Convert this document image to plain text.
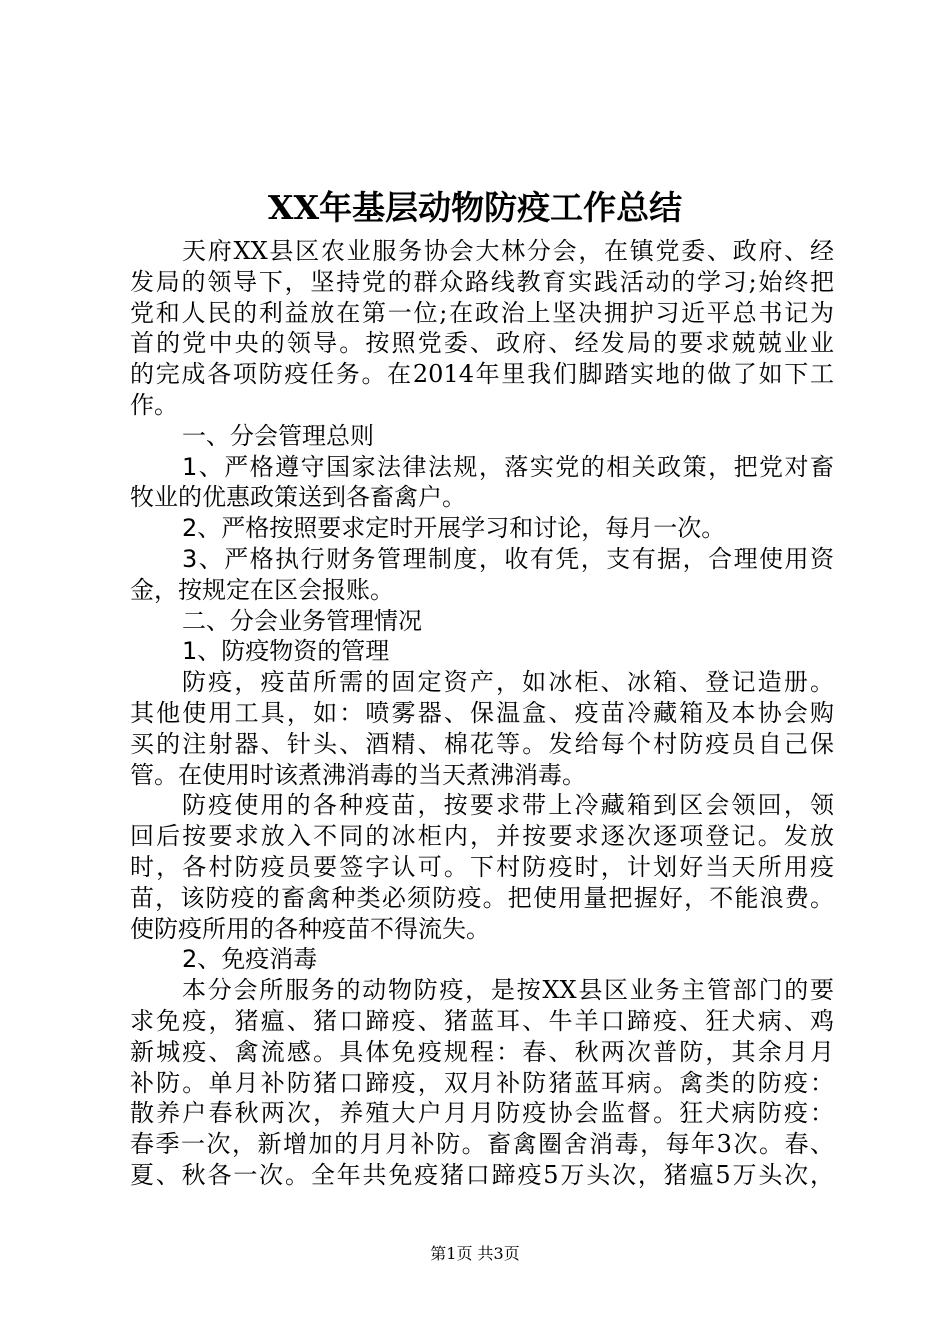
XX年基层动物防疫工作总结
天府XX县区农业服务协会大林分会，在镇党委、政府、经
发局的领导下，坚持党的群众路线教育实践活动的学习;始终把
党和人民的利益放在第一位;在政治上坚决拥护习近平总书记为
首的党中央的领导。按照党委、政府、经发局的要求兢兢业业
的完成各项防疫任务。在2014年里我们脚踏实地的做了如下工
作。
一、分会管理总则
1、严格遵守国家法律法规，落实党的相关政策，把党对畜
牧业的优惠政策送到各畜禽户。
2、严格按照要求定时开展学习和讨论，每月一次。
3、严格执行财务管理制度，收有凭，支有据，合理使用资
金，按规定在区会报账。
二、分会业务管理情况
1、防疫物资的管理
防疫，疫苗所需的固定资产，如冰柜、冰箱、登记造册。
其他使用工具，如：喷雾器、保温盒、疫苗冷藏箱及本协会购
买的注射器、针头、酒精、棉花等。发给每个村防疫员自己保
管。在使用时该煮沸消毒的当天煮沸消毒。
防疫使用的各种疫苗，按要求带上冷藏箱到区会领回，领
回后按要求放入不同的冰柜内，并按要求逐次逐项登记。发放
时，各村防疫员要签字认可。下村防疫时，计划好当天所用疫
苗，该防疫的畜禽种类必须防疫。把使用量把握好，不能浪费。
使防疫所用的各种疫苗不得流失。
2、免疫消毒
本分会所服务的动物防疫，是按XX县区业务主管部门的要
求免疫，猪瘟、猪口蹄疫、猪蓝耳、牛羊口蹄疫、狂犬病、鸡
新城疫、禽流感。具体免疫规程：春、秋两次普防，其余月月
补防。单月补防猪口蹄疫，双月补防猪蓝耳病。禽类的防疫：
散养户春秋两次，养殖大户月月防疫协会监督。狂犬病防疫：
春季一次，新增加的月月补防。畜禽圈舍消毒，每年3次。春、
夏、秋各一次。全年共免疫猪口蹄疫5万头次，猪瘟5万头次，
第1页 共3页
